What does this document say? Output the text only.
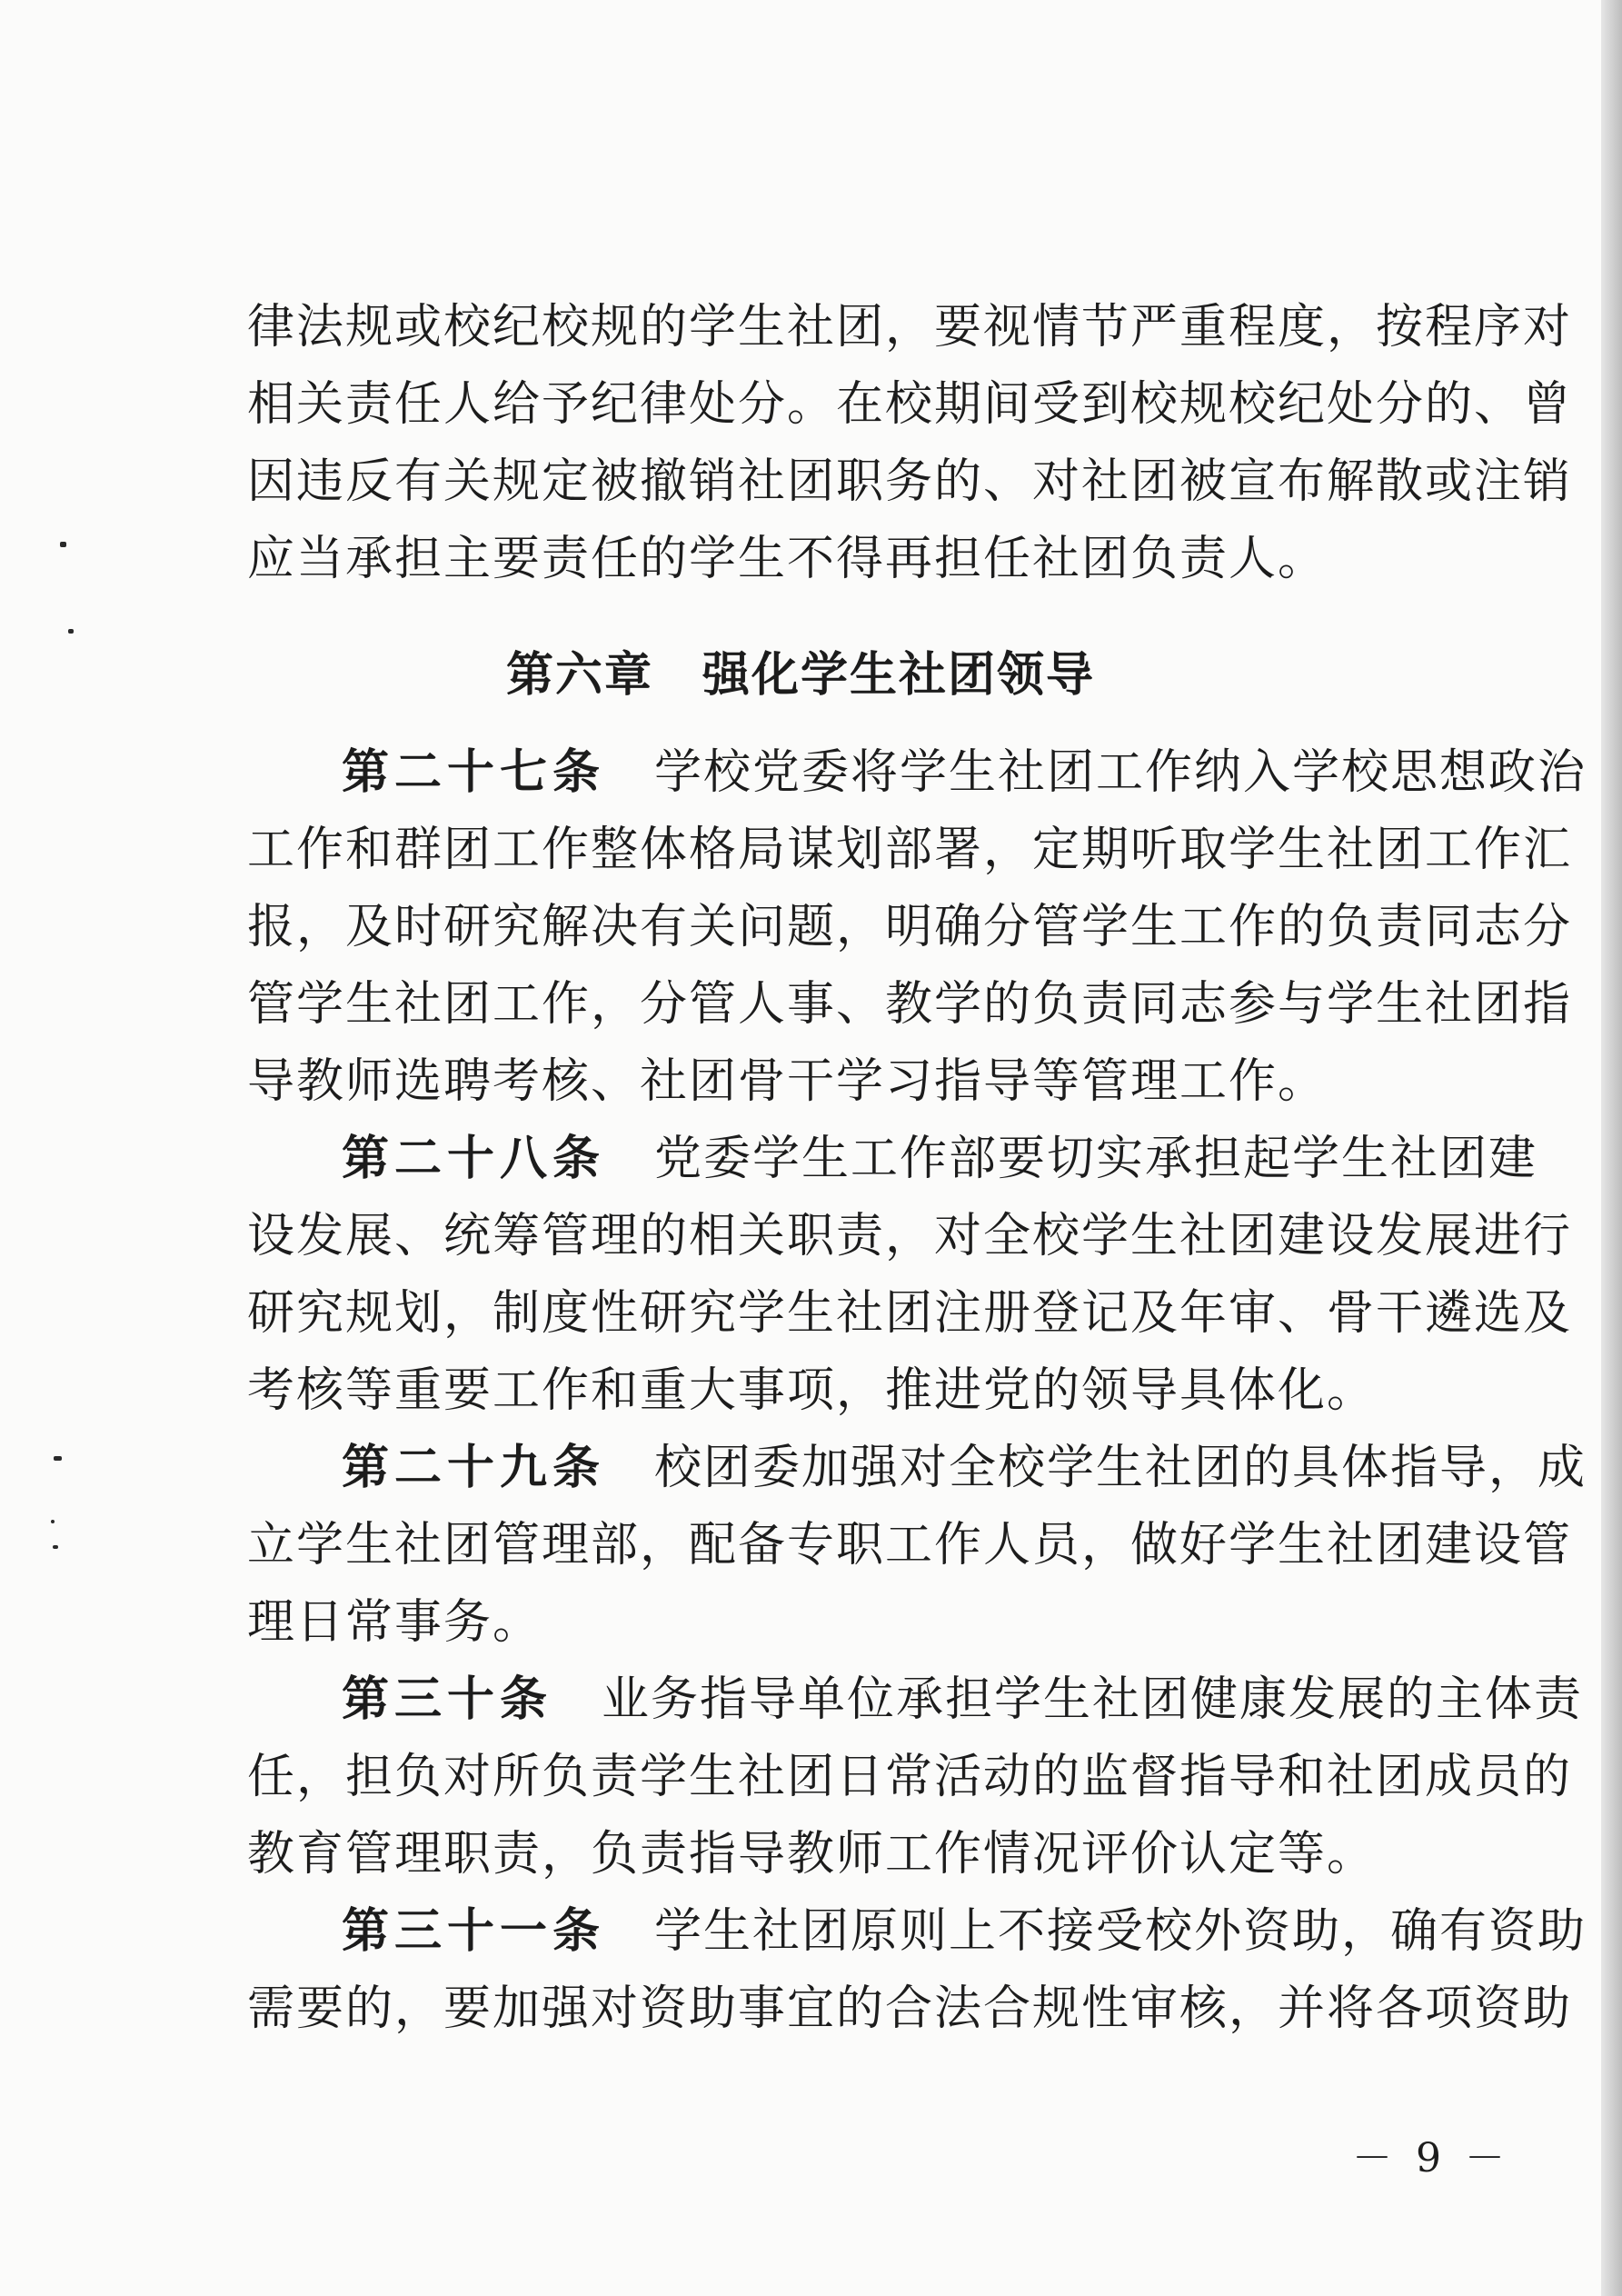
律法规或校纪校规的学生社团，要视情节严重程度，按程序对
相关责任人给予纪律处分。在校期间受到校规校纪处分的、曾
因违反有关规定被撤销社团职务的、对社团被宣布解散或注销
应当承担主要责任的学生不得再担任社团负责人。
第六章　强化学生社团领导
第二十七条　 学校党委将学生社团工作纳入学校思想政治
工作和群团工作整体格局谋划部署，定期听取学生社团工作汇
报，及时研究解决有关问题，明确分管学生工作的负责同志分
管学生社团工作，分管人事、教学的负责同志参与学生社团指
导教师选聘考核、社团骨干学习指导等管理工作。
第二十八条　 党委学生工作部要切实承担起学生社团建
设发展、统筹管理的相关职责，对全校学生社团建设发展进行
研究规划，制度性研究学生社团注册登记及年审、骨干遴选及
考核等重要工作和重大事项，推进党的领导具体化。
第二十九条　 校团委加强对全校学生社团的具体指导，成
立学生社团管理部，配备专职工作人员，做好学生社团建设管
理日常事务。
第三十条　 业务指导单位承担学生社团健康发展的主体责
任，担负对所负责学生社团日常活动的监督指导和社团成员的
教育管理职责，负责指导教师工作情况评价认定等。
第三十一条　 学生社团原则上不接受校外资助，确有资助
需要的，要加强对资助事宜的合法合规性审核，并将各项资助
－ 9 －
